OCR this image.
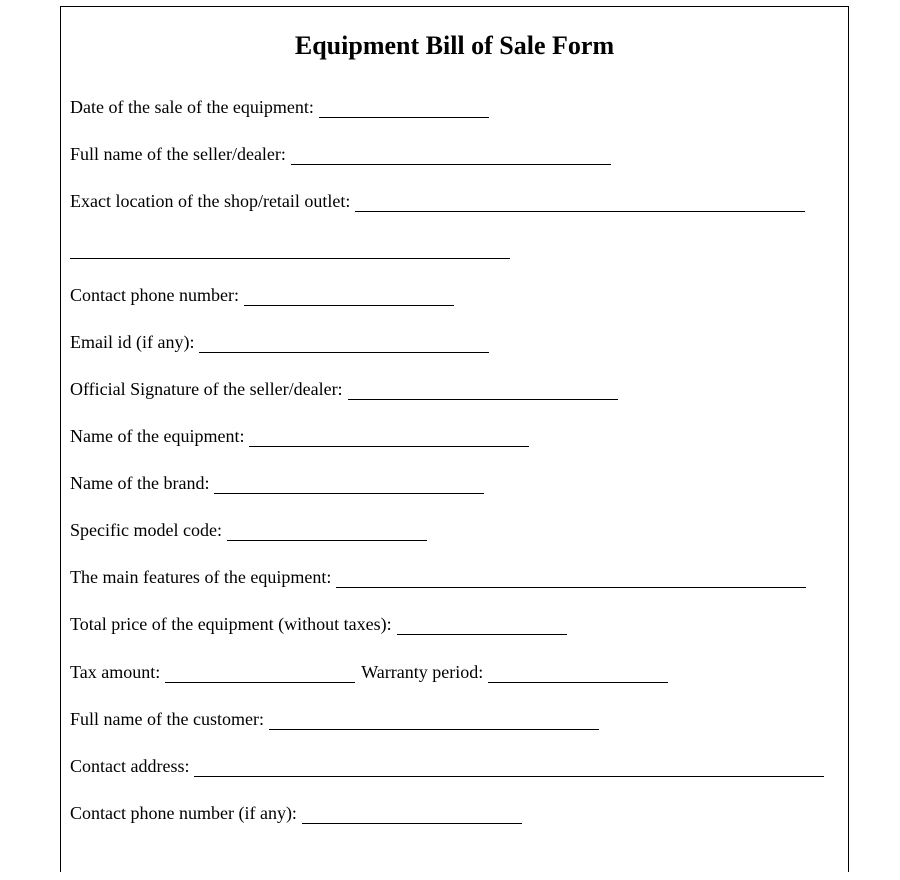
Equipment Bill of Sale Form
Date of the sale of the equipment:
Full name of the seller/dealer:
Exact location of the shop/retail outlet:
Contact phone number:
Email id (if any):
Official Signature of the seller/dealer:
Name of the equipment:
Name of the brand:
Specific model code:
The main features of the equipment:
Total price of the equipment (without taxes):
Tax amount:	Warranty period:
Full name of the customer:
Contact address:
Contact phone number (if any):
